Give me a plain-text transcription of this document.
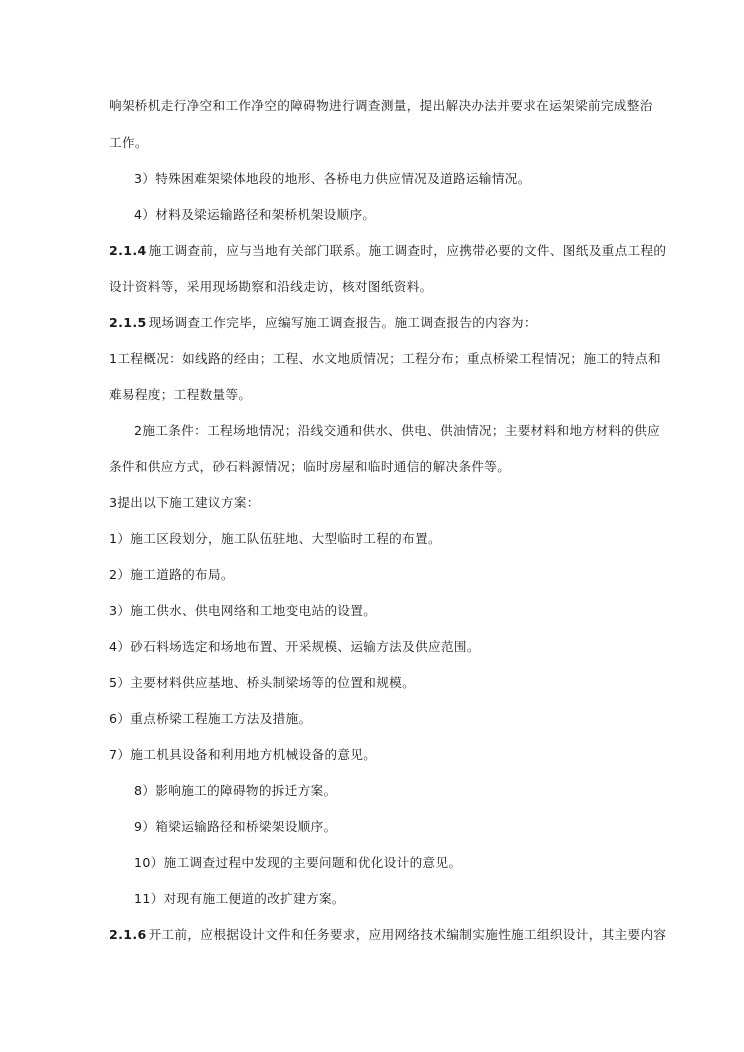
响架桥机走行净空和工作净空的障碍物进行调查测量，提出解决办法并要求在运架梁前完成整治
工作。
3）特殊困难架梁体地段的地形、各桥电力供应情况及道路运输情况。
4）材料及梁运输路径和架桥机架设顺序。
2.1.4 施工调查前，应与当地有关部门联系。施工调查时，应携带必要的文件、图纸及重点工程的
设计资料等，采用现场勘察和沿线走访，核对图纸资料。
2.1.5 现场调查工作完毕，应编写施工调查报告。施工调查报告的内容为：
1工程概况：如线路的经由；工程、水文地质情况；工程分布；重点桥梁工程情况；施工的特点和
难易程度；工程数量等。
2施工条件：工程场地情况；沿线交通和供水、供电、供油情况；主要材料和地方材料的供应
条件和供应方式，砂石料源情况；临时房屋和临时通信的解决条件等。
3提出以下施工建议方案：
1）施工区段划分，施工队伍驻地、大型临时工程的布置。
2）施工道路的布局。
3）施工供水、供电网络和工地变电站的设置。
4）砂石料场选定和场地布置、开采规模、运输方法及供应范围。
5）主要材料供应基地、桥头制梁场等的位置和规模。
6）重点桥梁工程施工方法及措施。
7）施工机具设备和利用地方机械设备的意见。
8）影响施工的障碍物的拆迁方案。
9）箱梁运输路径和桥梁架设顺序。
10）施工调查过程中发现的主要问题和优化设计的意见。
11）对现有施工便道的改扩建方案。
2.1.6 开工前，应根据设计文件和任务要求，应用网络技术编制实施性施工组织设计，其主要内容
